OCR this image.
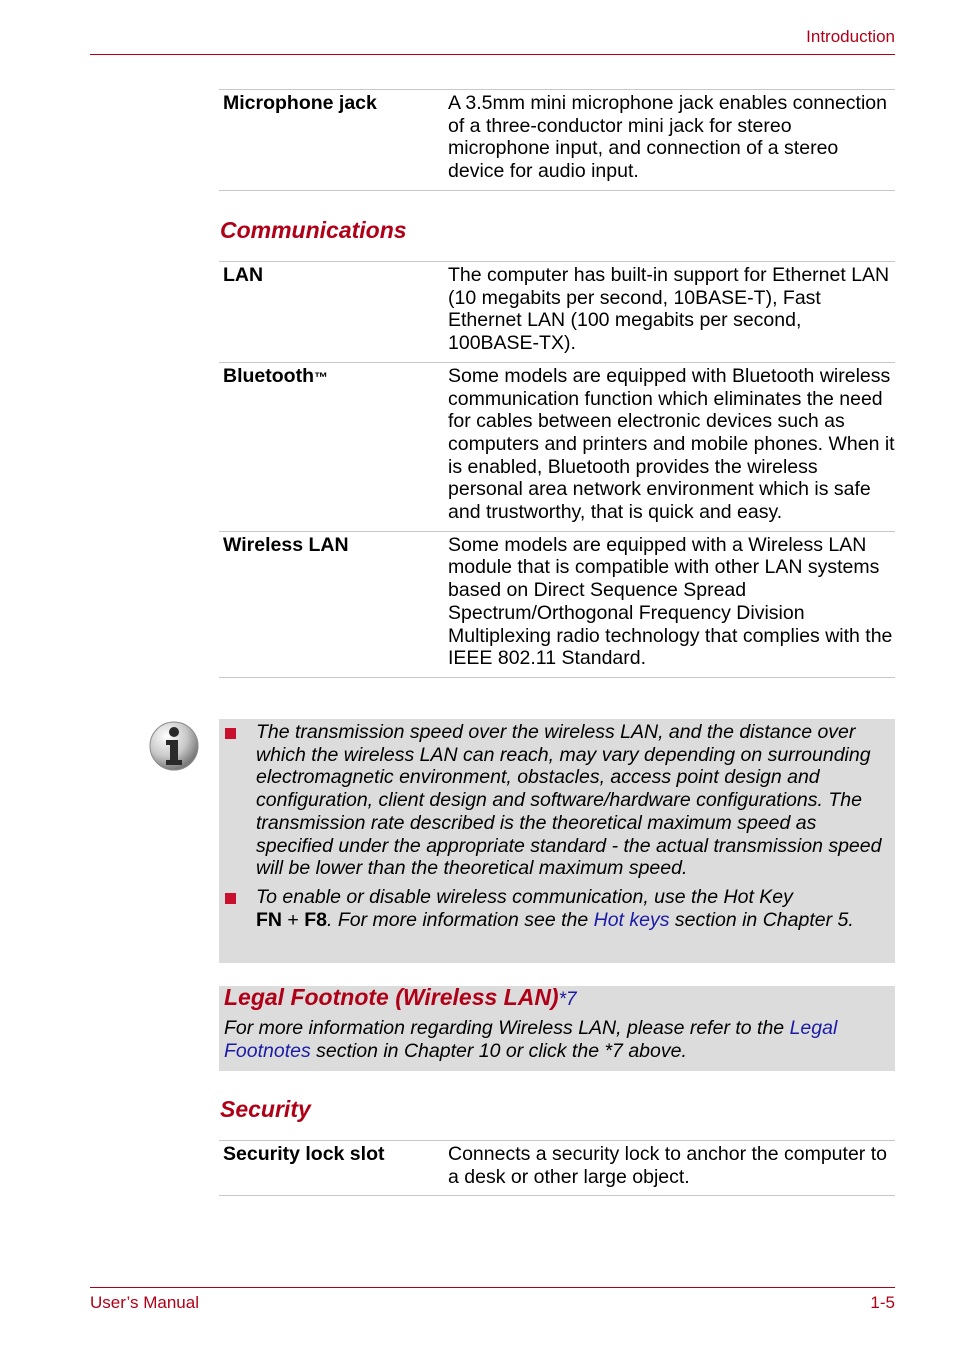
Introduction
Microphone jack	A 3.5mm mini microphone jack enables connection of a three-conductor mini jack for stereo microphone input, and connection of a stereo device for audio input.
Communications
LAN	The computer has built-in support for Ethernet LAN (10 megabits per second, 10BASE-T), Fast Ethernet LAN (100 megabits per second, 100BASE-TX).
Bluetooth™	Some models are equipped with Bluetooth wireless communication function which eliminates the need for cables between electronic devices such as computers and printers and mobile phones. When it is enabled, Bluetooth provides the wireless personal area network environment which is safe and trustworthy, that is quick and easy.
Wireless LAN	Some models are equipped with a Wireless LAN module that is compatible with other LAN systems based on Direct Sequence Spread Spectrum/Orthogonal Frequency Division Multiplexing radio technology that complies with the IEEE 802.11 Standard.
The transmission speed over the wireless LAN, and the distance over which the wireless LAN can reach, may vary depending on surrounding electromagnetic environment, obstacles, access point design and configuration, client design and software/hardware configurations. The transmission rate described is the theoretical maximum speed as specified under the appropriate standard - the actual transmission speed will be lower than the theoretical maximum speed.
To enable or disable wireless communication, use the Hot Key
FN + F8. For more information see the Hot keys section in Chapter 5.
Legal Footnote (Wireless LAN)*7
For more information regarding Wireless LAN, please refer to the Legal Footnotes section in Chapter 10 or click the *7 above.
Security
Security lock slot	Connects a security lock to anchor the computer to a desk or other large object.
User’s Manual	1-5
